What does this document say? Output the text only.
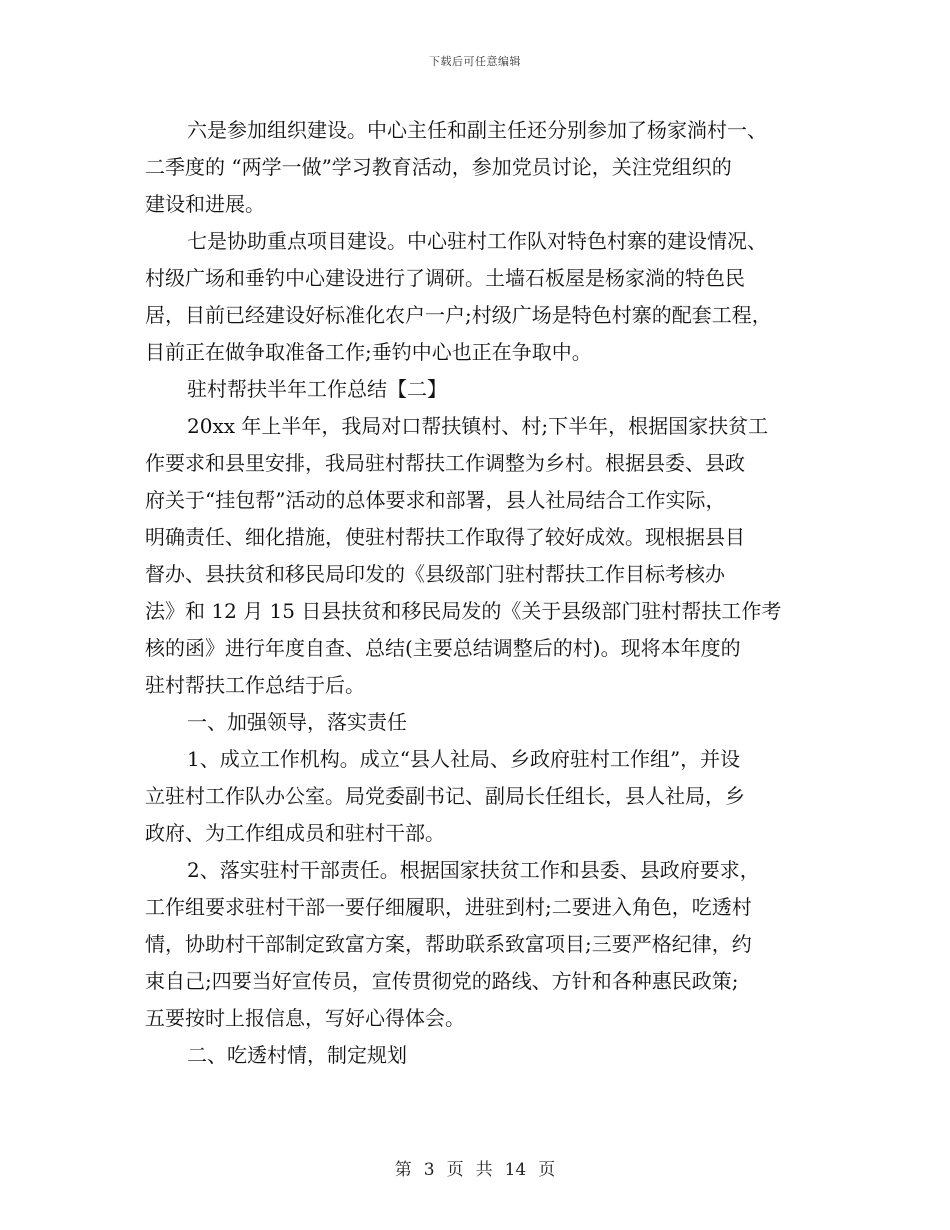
下载后可任意编辑
六是参加组织建设。中心主任和副主任还分别参加了杨家淌村一、
二季度的 “两学一做”学习教育活动，参加党员讨论，关注党组织的
建设和进展。
七是协助重点项目建设。中心驻村工作队对特色村寨的建设情况、
村级广场和垂钓中心建设进行了调研。土墙石板屋是杨家淌的特色民
居，目前已经建设好标准化农户一户;村级广场是特色村寨的配套工程，
目前正在做争取准备工作;垂钓中心也正在争取中。
驻村帮扶半年工作总结【二】
20xx 年上半年，我局对口帮扶镇村、村;下半年，根据国家扶贫工
作要求和县里安排，我局驻村帮扶工作调整为乡村。根据县委、县政
府关于“挂包帮”活动的总体要求和部署，县人社局结合工作实际，
明确责任、细化措施，使驻村帮扶工作取得了较好成效。现根据县目
督办、县扶贫和移民局印发的《县级部门驻村帮扶工作目标考核办
法》和 12 月 15 日县扶贫和移民局发的《关于县级部门驻村帮扶工作考
核的函》进行年度自查、总结(主要总结调整后的村)。现将本年度的
驻村帮扶工作总结于后。
一、加强领导，落实责任
1、成立工作机构。成立“县人社局、乡政府驻村工作组”，并设
立驻村工作队办公室。局党委副书记、副局长任组长，县人社局，乡
政府、为工作组成员和驻村干部。
2、落实驻村干部责任。根据国家扶贫工作和县委、县政府要求，
工作组要求驻村干部一要仔细履职，进驻到村;二要进入角色，吃透村
情，协助村干部制定致富方案，帮助联系致富项目;三要严格纪律，约
束自己;四要当好宣传员，宣传贯彻党的路线、方针和各种惠民政策;
五要按时上报信息，写好心得体会。
二、吃透村情，制定规划
第 3 页 共 14 页
